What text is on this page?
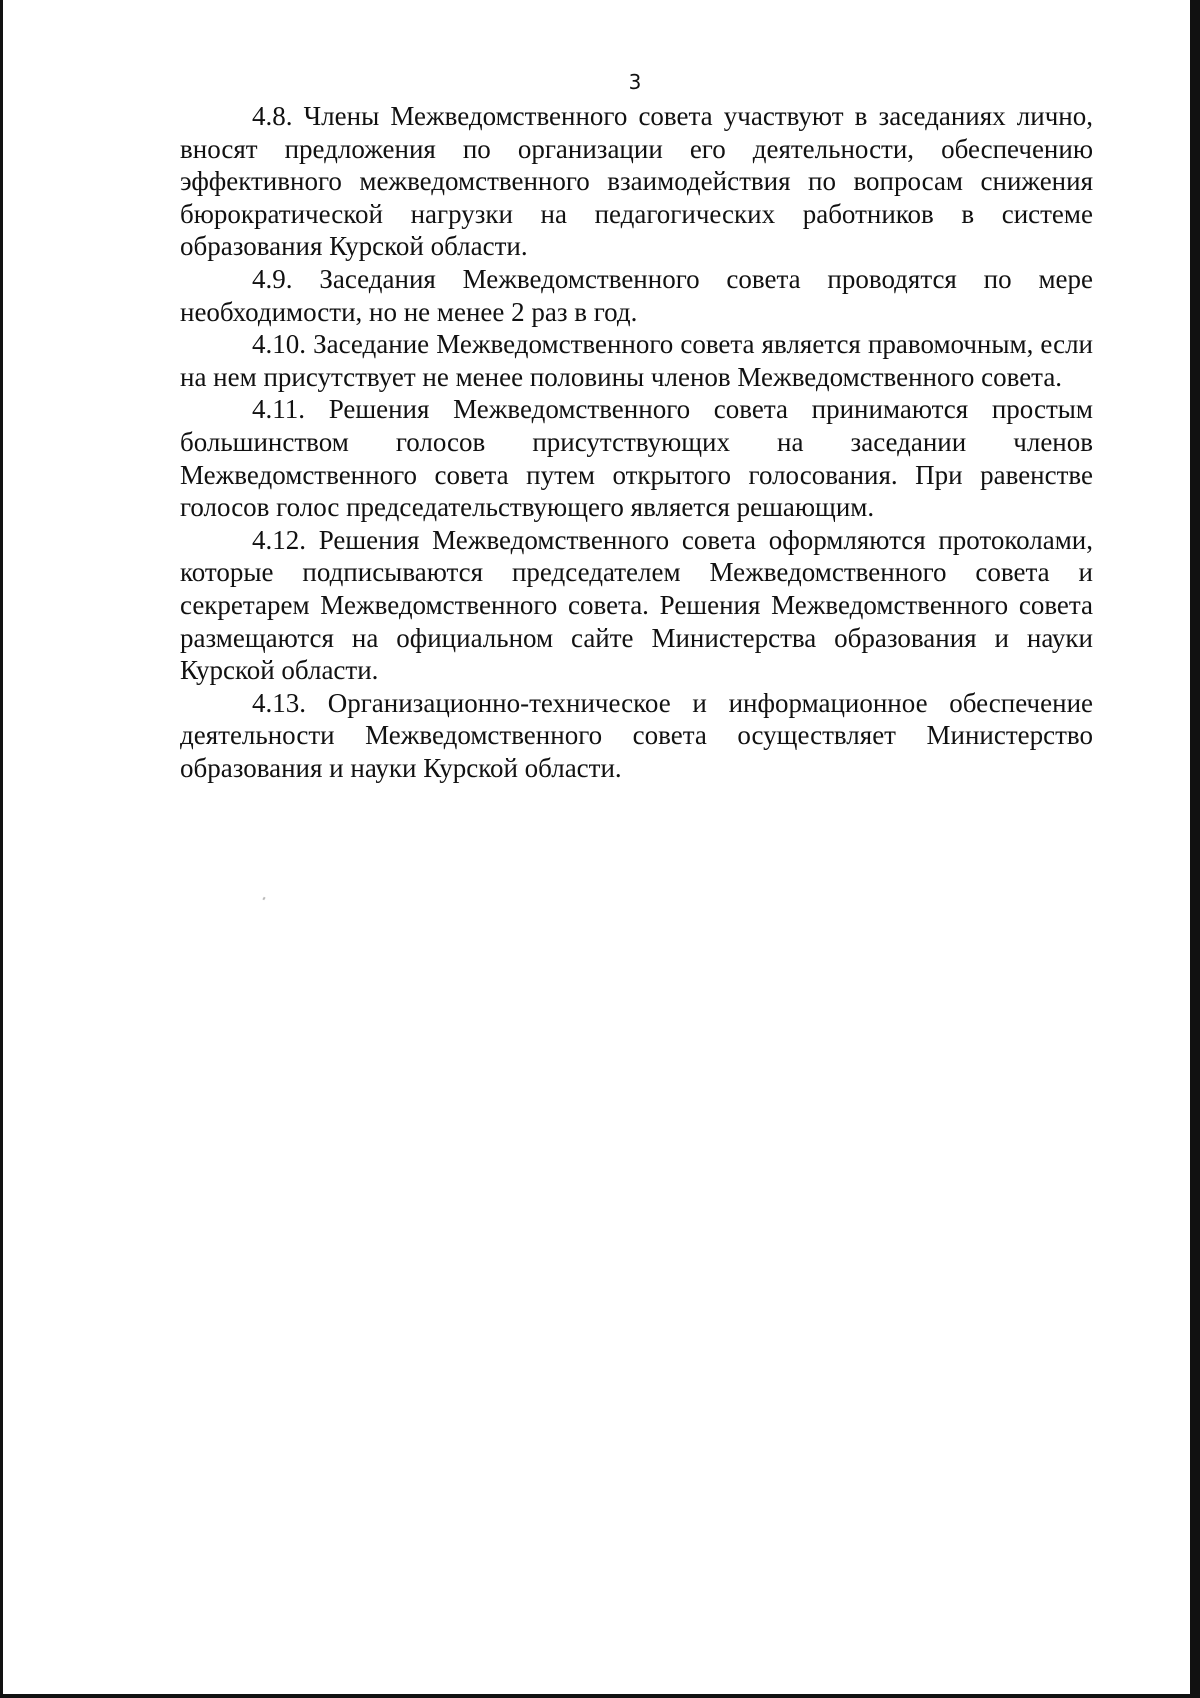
3

4.8. Члены Межведомственного совета участвуют в заседаниях лично, вносят предложения по организации его деятельности, обеспечению эффективного межведомственного взаимодействия по вопросам снижения бюрократической нагрузки на педагогических работников в системе образования Курской области.

4.9. Заседания Межведомственного совета проводятся по мере необходимости, но не менее 2 раз в год.

4.10. Заседание Межведомственного совета является правомочным, если на нем присутствует не менее половины членов Межведомственного совета.

4.11. Решения Межведомственного совета принимаются простым большинством голосов присутствующих на заседании членов Межведомственного совета путем открытого голосования. При равенстве голосов голос председательствующего является решающим.

4.12. Решения Межведомственного совета оформляются протоколами, которые подписываются председателем Межведомственного совета и секретарем Межведомственного совета. Решения Межведомственного совета размещаются на официальном сайте Министерства образования и науки Курской области.

4.13. Организационно-техническое и информационное обеспечение деятельности Межведомственного совета осуществляет Министерство образования и науки Курской области.
